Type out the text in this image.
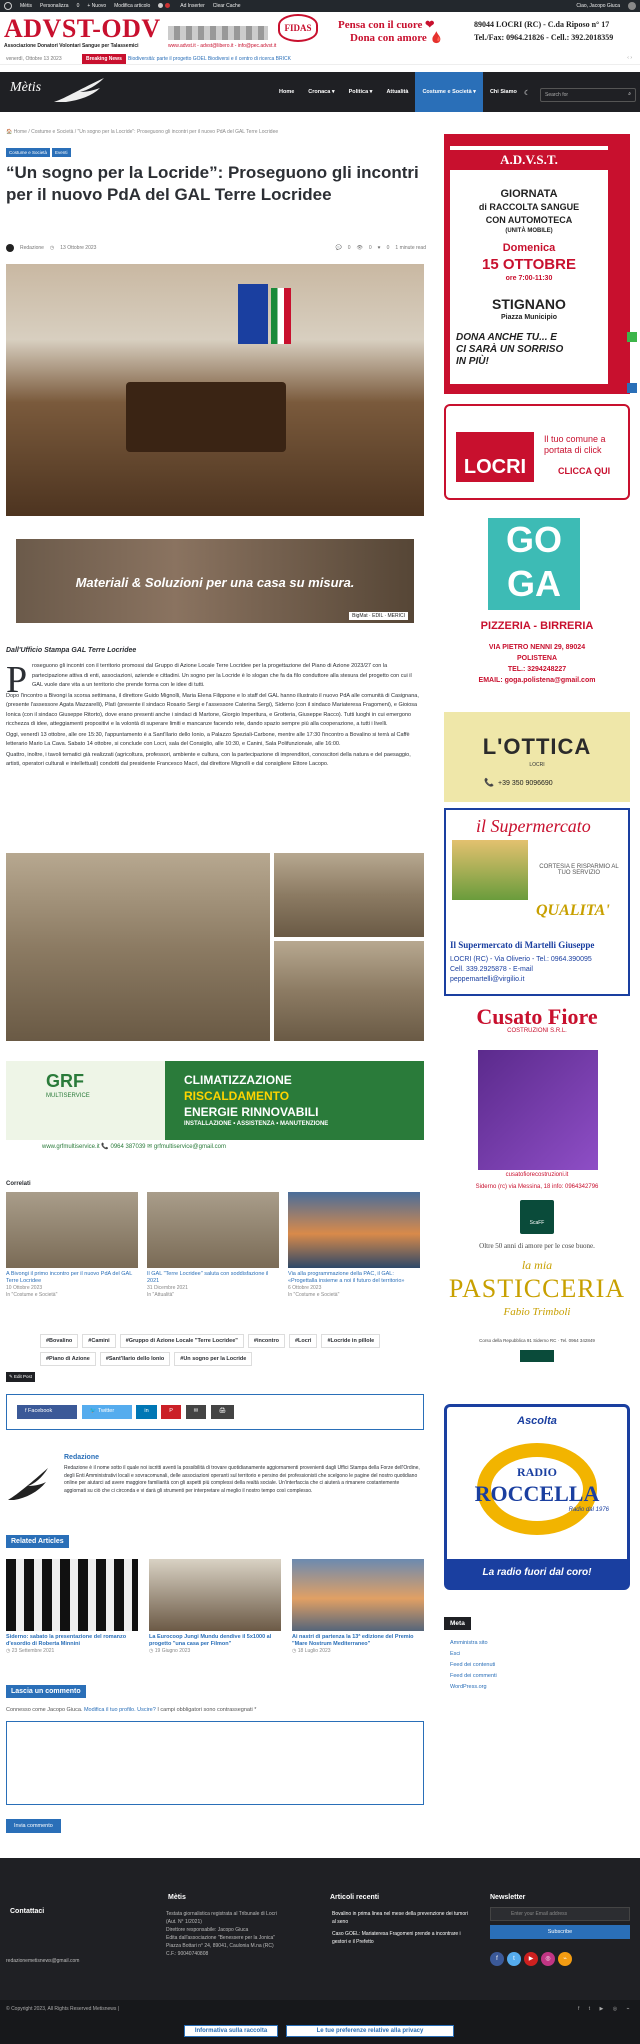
Mètis Personalizza 0 + Nuovo Modifica articolo	Ad Inserter Clear Cache	Ciao, Jacopo Giuca
ADVST-ODV
Associazione Donatori Volontari Sangue per Talassemici	www.advst.it - advst@libero.it - info@pec.advst.it
FIDAS	Pensa con il cuore ❤
Dona con amore 🩸
89044 LOCRI (RC) - C.da Riposo n° 17
Tel./Fax: 0964.21826 - Cell.: 392.2018359
venerdì, Ottobre 13 2023	Breaking News	Biodiversità: parte il progetto GOEL Biodiversi e il centro di ricerca BRICK	‹ ›
Mètis	Home	Cronaca ▾	Politica ▾	Attualità	Costume e Società ▾	Chi Siamo	☾	Search for	⌕
🏠 Home / Costume e Società / "Un sogno per la Locride": Proseguono gli incontri per il nuovo PdA del GAL Terre Locridee
Costume e Società	Eventi
“Un sogno per la Locride”: Proseguono gli incontri per il nuovo PdA del GAL Terre Locridee
Redazione ◷ 13 Ottobre 2023	💬 0 👁 0 ♥ 0 1 minute read
Materiali & Soluzioni per una casa su misura.
BigMat · EDIL · MERICI
Dall'Ufficio Stampa GAL Terre Locridee
P roseguono gli incontri con il territorio promossi dal Gruppo di Azione Locale Terre Locridee per la progettazione del Piano di Azione 2023/27 con la partecipazione attiva di enti, associazioni, aziende e cittadini. Un sogno per la Locride è lo slogan che fa da filo conduttore alla stesura del progetto con cui il GAL vuole dare vita a un territorio che prende forma con le idee di tutti.

Dopo l'incontro a Bivongi la scorsa settimana, il direttore Guido Mignolli, Maria Elena Filippone e lo staff del GAL hanno illustrato il nuovo PdA alle comunità di Casignana, (presente l'assessore Agata Mazzarelli), Platì (presente il sindaco Rosario Sergi e l'assessore Caterina Sergi), Siderno (con il sindaco Mariateresa Fragomeni), e Gioiosa Ionica (con il sindaco Giuseppe Ritorto), dove erano presenti anche i sindaci di Martone, Giorgio Imperitura, e Grotteria, Giuseppe Racco). Tutti luoghi in cui emergono ricchezza di idee, atteggiamenti propositivi e la volontà di superare limiti e mancanze facendo rete, dando spazio sempre più alla cooperazione, a tutti i livelli.

Oggi, venerdì 13 ottobre, alle ore 15:30, l'appuntamento è a Sant'Ilario dello Ionio, a Palazzo Speziali-Carbone, mentre alle 17:30 l'incontro a Bovalino si terrà al Caffè letterario Mario La Cava. Sabato 14 ottobre, si conclude con Locri, sala del Consiglio, alle 10:30, e Canini, Sala Polifunzionale, alle 16:00.

Quattro, inoltre, i tavoli tematici già realizzati (agricoltura, professori, ambiente e cultura, con la partecipazione di imprenditori, conoscitori della natura e del paesaggio, artisti, operatori culturali e intellettuali) condotti dal presidente Francesco Macrì, dal direttore Mignolli e dal consigliere Ettore Lacopo.

GRF
MULTISERVICE
CLIMATIZZAZIONE
RISCALDAMENTO
ENERGIE RINNOVABILI
INSTALLAZIONE • ASSISTENZA • MANUTENZIONE
www.grfmultiservice.it 📞 0964 387039 ✉ grfmultiservice@gmail.com
Correlati
A Bivongi il primo incontro per il nuovo PdA del GAL Terre Locridee
10 Ottobre 2023
In "Costume e Società"
Il GAL "Terre Locridee" saluta con soddisfazione il 2021
31 Dicembre 2021
In "Attualità"
Via alla programmazione della PAC, il GAL: «Progettalla insieme a noi il futuro del territorio»
6 Ottobre 2023
In "Costume e Società"
#Bovalino	#Camini	#Gruppo di Azione Locale "Terre Locridee"	#incontro	#Locri	#Locride in pillole
#Piano di Azione	#Sant'Ilario dello Ionio	#Un sogno per la Locride
✎ Edit Post
f Facebook	🐦 Twitter	in	P	✉	🖨
Redazione
Redazione è il nome sotto il quale noi iscritti aventi la possibilità di trovare quotidianamente aggiornamenti provenienti dagli Uffici Stampa della Forze dell'Ordine, degli Enti Amministrativi locali e sovracomunali, delle associazioni operanti sul territorio e persino dei professionisti che scelgono le pagine del nostro quotidiano online per aiutarci ad avere maggiore familiarità con gli aspetti più complessi della realtà sociale. Un'interfaccia che ci aiuterà a rimanere costantemente aggiornati su ciò che ci circonda e vi darà gli strumenti per interpretare al meglio il nostro tempo così complesso.
Related Articles
Siderno: sabato la presentazione del romanzo d'esordio di Roberta Minnini
◷ 23 Settembre 2021
La Eurocoop Jungi Mundu dendive il 5x1000 al progetto "una casa per Filmon"
◷ 19 Giugno 2023
Ai nastri di partenza la 13ª edizione del Premio "Mare Nostrum Mediterraneo"
◷ 18 Luglio 2023
Lascia un commento
Connesso come Jacopo Giuca. Modifica il tuo profilo. Uscire? I campi obbligatori sono contrassegnati *
Invia commento
A.D.V.S.T.
GIORNATA
di RACCOLTA SANGUE
CON AUTOMOTECA
(UNITÀ MOBILE)
Domenica
15 OTTOBRE
ore 7:00-11:30
STIGNANO
Piazza Municipio
DONA ANCHE TU... E CI SARÀ UN SORRISO IN PIÙ!
LOCRI
Il tuo comune a portata di click
CLICCA QUI
GO GA
PIZZERIA - BIRRERIA
VIA PIETRO NENNI 29, 89024
POLISTENA
TEL.: 3294248227
EMAIL: goga.polistena@gmail.com
L'OTTICA
LOCRI
📞 +39 350 9096690
il Supermercato
CORTESIA E RISPARMIO AL TUO SERVIZIO
QUALITA'
Il Supermercato di Martelli Giuseppe
LOCRI (RC) - Via Oliverio - Tel.: 0964.390095
Cell. 339.2925878 - E-mail
peppemartelli@virgilio.it
Cusato Fiore
COSTRUZIONI S.R.L.
cusatofiorecostruzioni.it
Siderno (rc) via Messina, 18 info: 0964342796
ScaFF
Oltre 50 anni di amore per le cose buone.
la mia
PASTICCERIA
Fabio Trimboli
Corso della Repubblica 91 Siderno RC · Tel. 0964 342849
Ascolta
RADIO
ROCCELLA
Radio dal 1976
La radio fuori dal coro!
Meta
Amministra sito
Esci
Feed dei contenuti
Feed dei commenti
WordPress.org
Contattaci
redazionemetisnews@gmail.com
Mètis
Testata giornalistica registrata al Tribunale di Locri
(Aut. N° 1/2021)
Direttore responsabile: Jacopo Giuca
Edita dall'associazione "Benessere per la Jonica"
Piazza Bottari n° 24, 89041, Caulonia M.na (RC)
C.F.: 90040740808
Articoli recenti
Bovalino in prima linea nel mese della prevenzione dei tumori al seno
Caso GOEL: Mariateresa Fragomeni prende a incontrare i gestori e il Prefetto
Newsletter
Enter your Email address
Subscribe
f	t	▶	◎	⌁
© Copyright 2023, All Rights Reserved Metisnews |	f t ▶ ◎ ⌁
Informativa sulla raccolta	Le tue preferenze relative alla privacy
